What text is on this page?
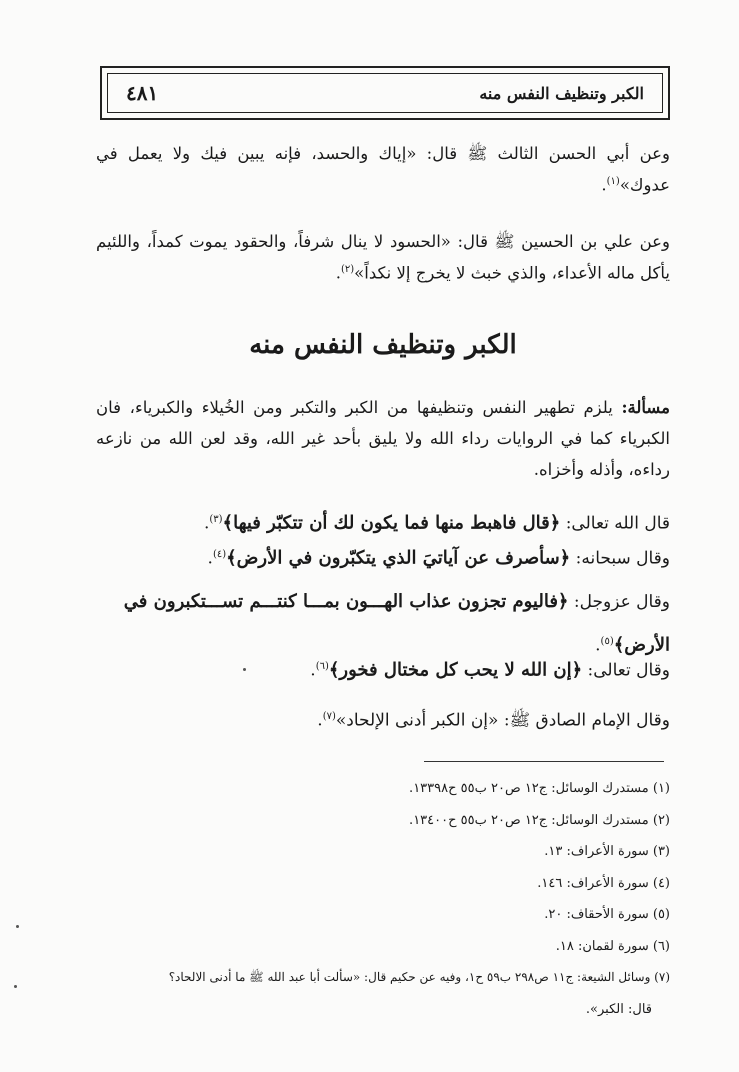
٤٨١	الكبر وتنظيف النفس منه
وعن أبي الحسن الثالث ﷺ قال: «إياك والحسد، فإنه يبين فيك ولا يعمل في عدوك»$^{(١)}$.
وعن علي بن الحسين ﷺ قال: «الحسود لا ينال شرفاً، والحقود يموت كمداً، واللئيم يأكل ماله الأعداء، والذي خبث لا يخرج إلا نكداً»$^{(٢)}$.
الكبر وتنظيف النفس منه
مسألة: يلزم تطهير النفس وتنظيفها من الكبر والتكبر ومن الخُيلاء والكبرياء، فان الكبرياء كما في الروايات رداء الله ولا يليق بأحد غير الله، وقد لعن الله من نازعه رداءه، وأذله وأخزاه.
قال الله تعالى: ﴿قال فاهبط منها فما يكون لك أن تتكبّر فيها﴾$^{(٣)}$.
وقال سبحانه: ﴿سأصرف عن آياتيَ الذي يتكبّرون في الأرض﴾$^{(٤)}$.
وقال عزوجل: ﴿فاليوم تجزون عذاب الهـــون بمـــا كنتـــم تســـتكبرون في الأرض﴾$^{(٥)}$.
وقال تعالى: ﴿إن الله لا يحب كل مختال فخور﴾$^{(٦)}$.
وقال الإمام الصادق ﷺ: «إن الكبر أدنى الإلحاد»$^{(٧)}$.
(١) مستدرك الوسائل: ج١٢ ص٢٠ ب٥٥ ح١٣٣٩٨.
(٢) مستدرك الوسائل: ج١٢ ص٢٠ ب٥٥ ح١٣٤٠٠.
(٣) سورة الأعراف: ١٣.
(٤) سورة الأعراف: ١٤٦.
(٥) سورة الأحقاف: ٢٠.
(٦) سورة لقمان: ١٨.
(٧) وسائل الشيعة: ج١١ ص٢٩٨ ب٥٩ ح١، وفيه عن حكيم قال: «سألت أبا عبد الله ﷺ ما أدنى الالحاد؟
قال: الكبر».
